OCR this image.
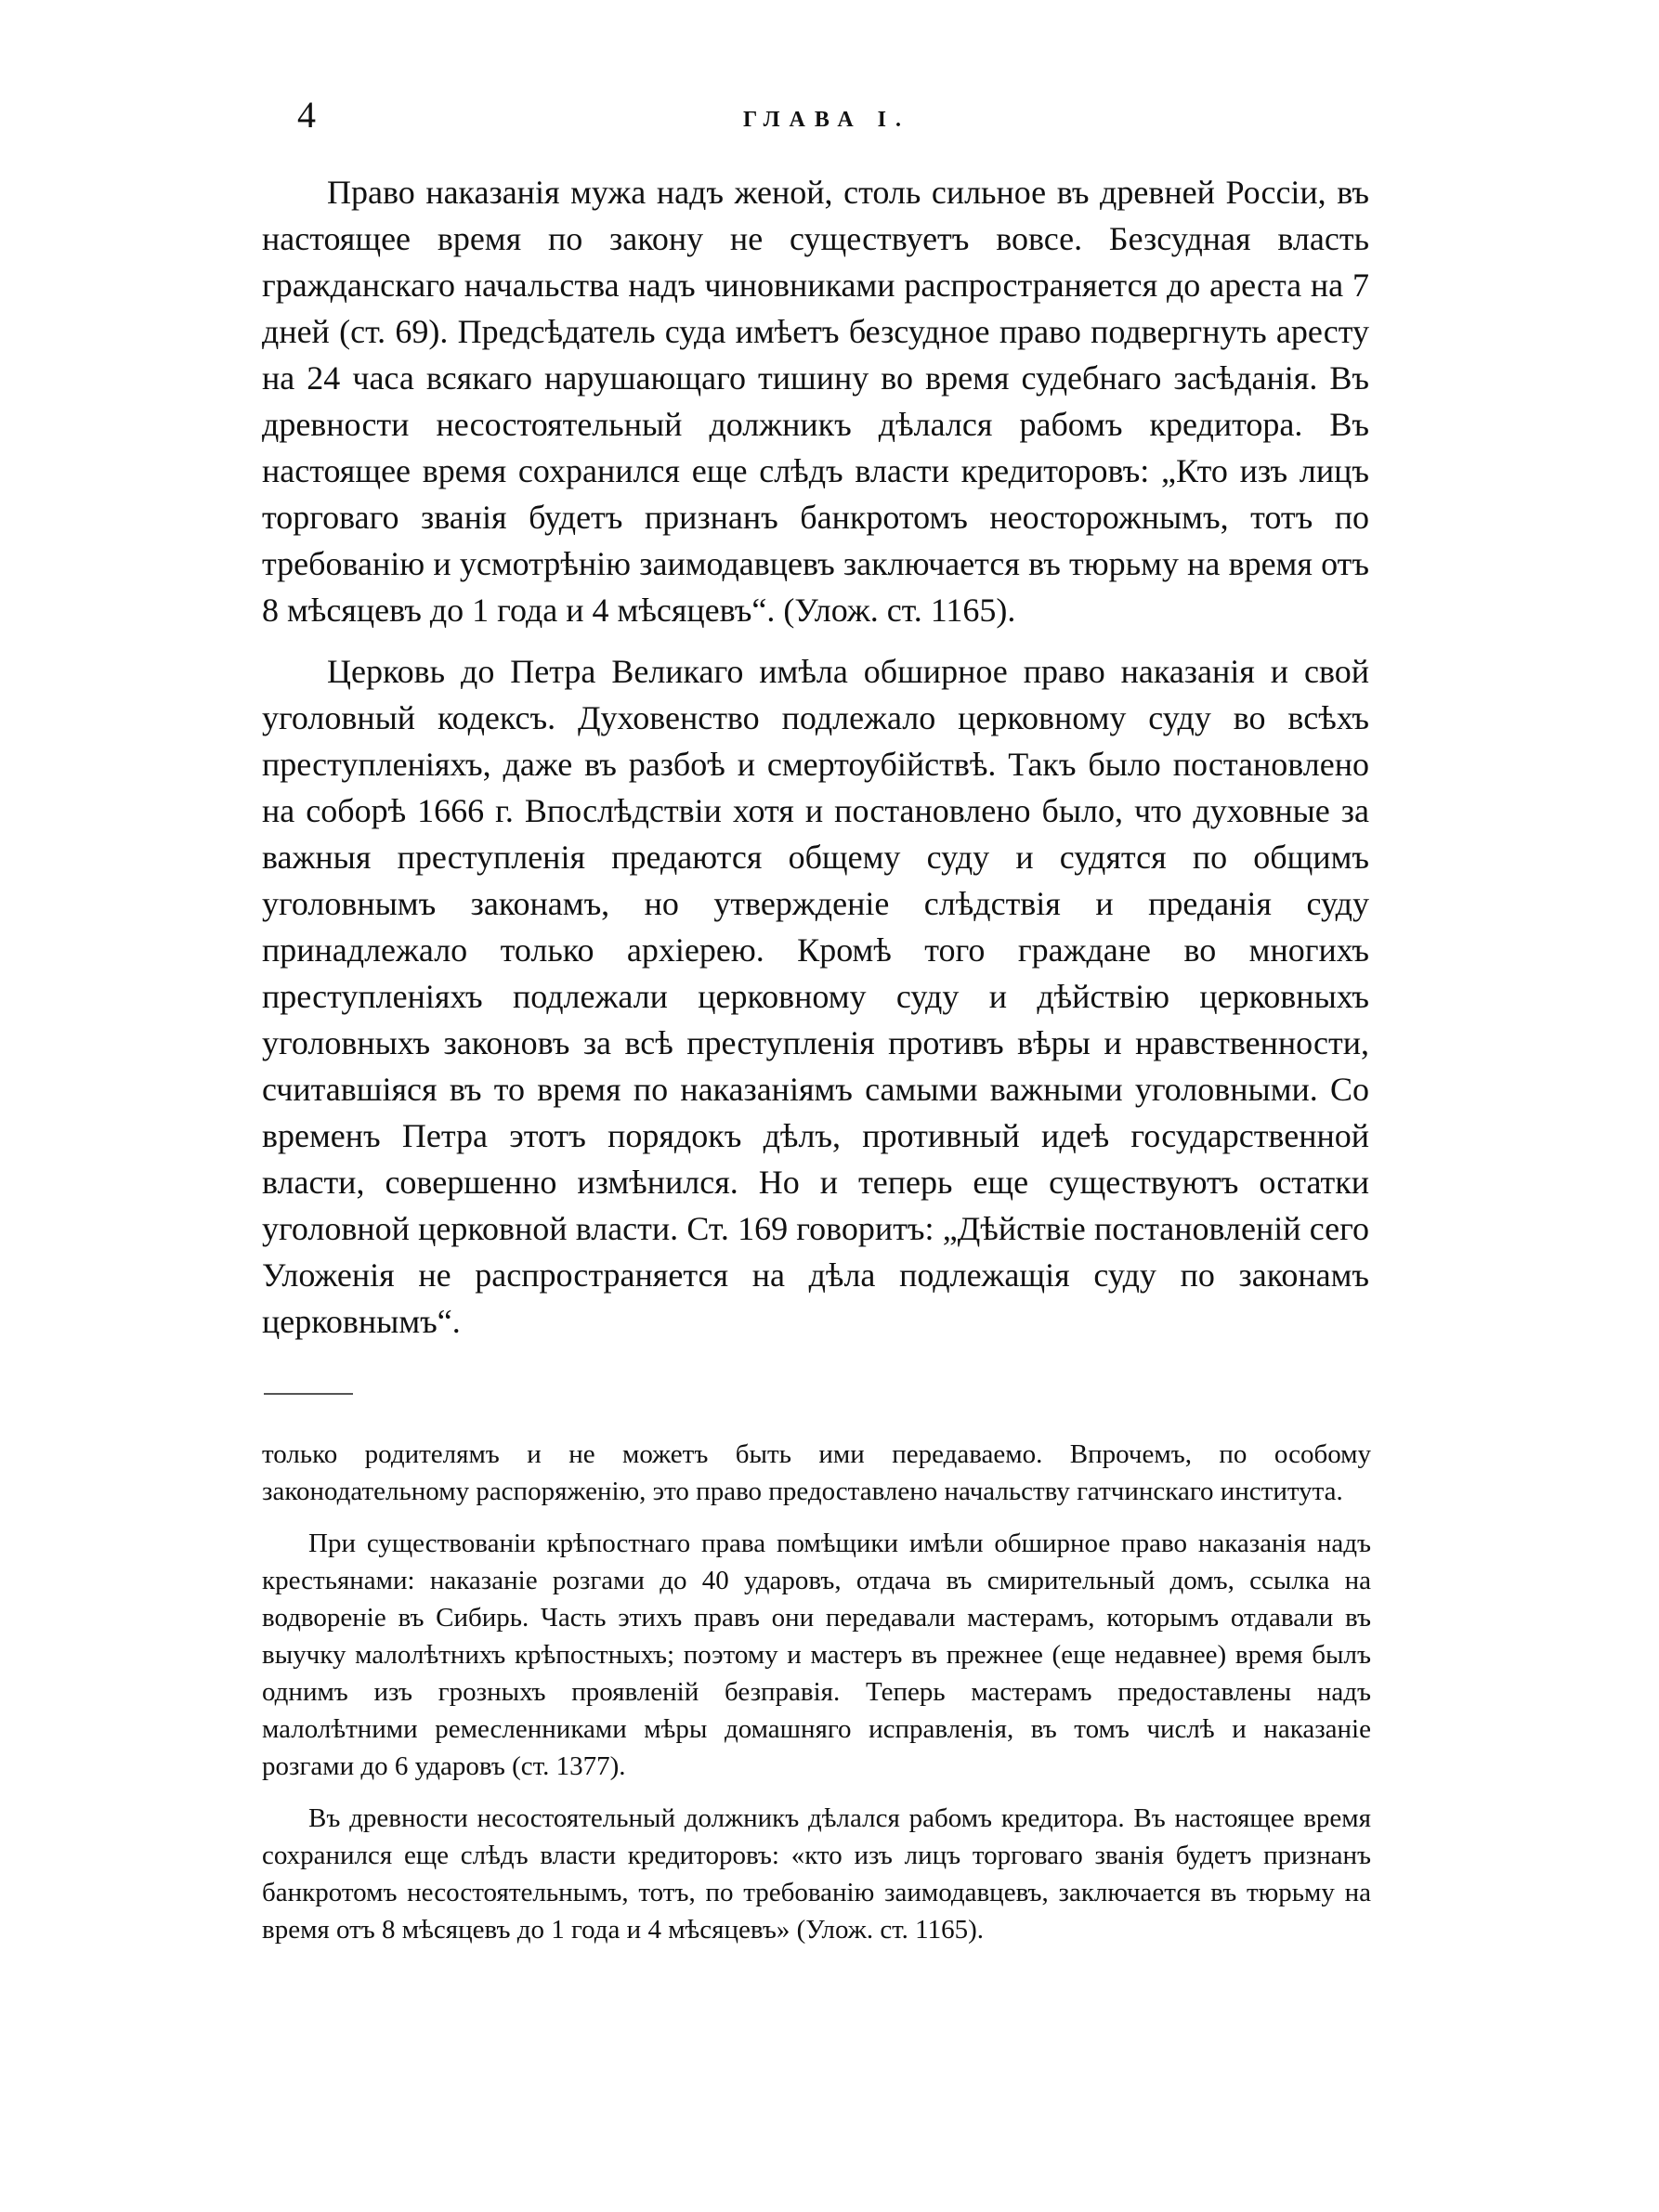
4	ГЛАВА I.

Право наказанія мужа надъ женой, столь сильное въ древней Россіи, въ настоящее время по закону не существуетъ вовсе. Безсудная власть гражданскаго начальства надъ чиновниками распространяется до ареста на 7 дней (ст. 69). Предсѣдатель суда имѣетъ безсудное право подвергнуть аресту на 24 часа всякаго нарушающаго тишину во время судебнаго засѣданія. Въ древности несостоятельный должникъ дѣлался рабомъ кредитора. Въ настоящее время сохранился еще слѣдъ власти кредиторовъ: „Кто изъ лицъ торговаго званія будетъ признанъ банкротомъ неосторожнымъ, тотъ по требованію и усмотрѣнію заимодавцевъ заключается въ тюрьму на время отъ 8 мѣсяцевъ до 1 года и 4 мѣсяцевъ“. (Улож. ст. 1165).

Церковь до Петра Великаго имѣла обширное право наказанія и свой уголовный кодексъ. Духовенство подлежало церковному суду во всѣхъ преступленіяхъ, даже въ разбоѣ и смертоубійствѣ. Такъ было постановлено на соборѣ 1666 г. Впослѣдствіи хотя и постановлено было, что духовные за важныя преступленія предаются общему суду и судятся по общимъ уголовнымъ законамъ, но утвержденіе слѣдствія и преданія суду принадлежало только архіерею. Кромѣ того граждане во многихъ преступленіяхъ подлежали церковному суду и дѣйствію церковныхъ уголовныхъ законовъ за всѣ преступленія противъ вѣры и нравственности, считавшіяся въ то время по наказаніямъ самыми важными уголовными. Со временъ Петра этотъ порядокъ дѣлъ, противный идеѣ государственной власти, совершенно измѣнился. Но и теперь еще существуютъ остатки уголовной церковной власти. Ст. 169 говоритъ: „Дѣйствіе постановленій сего Уложенія не распространяется на дѣла подлежащія суду по законамъ церковнымъ“.

только родителямъ и не можетъ быть ими передаваемо. Впрочемъ, по особому законодательному распоряженію, это право предоставлено начальству гатчинскаго института.

При существованіи крѣпостнаго права помѣщики имѣли обширное право наказанія надъ крестьянами: наказаніе розгами до 40 ударовъ, отдача въ смирительный домъ, ссылка на водвореніе въ Сибирь. Часть этихъ правъ они передавали мастерамъ, которымъ отдавали въ выучку малолѣтнихъ крѣпостныхъ; поэтому и мастеръ въ прежнее (еще недавнее) время былъ однимъ изъ грозныхъ проявленій безправія. Теперь мастерамъ предоставлены надъ малолѣтними ремесленниками мѣры домашняго исправленія, въ томъ числѣ и наказаніе розгами до 6 ударовъ (ст. 1377).

Въ древности несостоятельный должникъ дѣлался рабомъ кредитора. Въ настоящее время сохранился еще слѣдъ власти кредиторовъ: «кто изъ лицъ торговаго званія будетъ признанъ банкротомъ несостоятельнымъ, тотъ, по требованію заимодавцевъ, заключается въ тюрьму на время отъ 8 мѣсяцевъ до 1 года и 4 мѣсяцевъ» (Улож. ст. 1165).
